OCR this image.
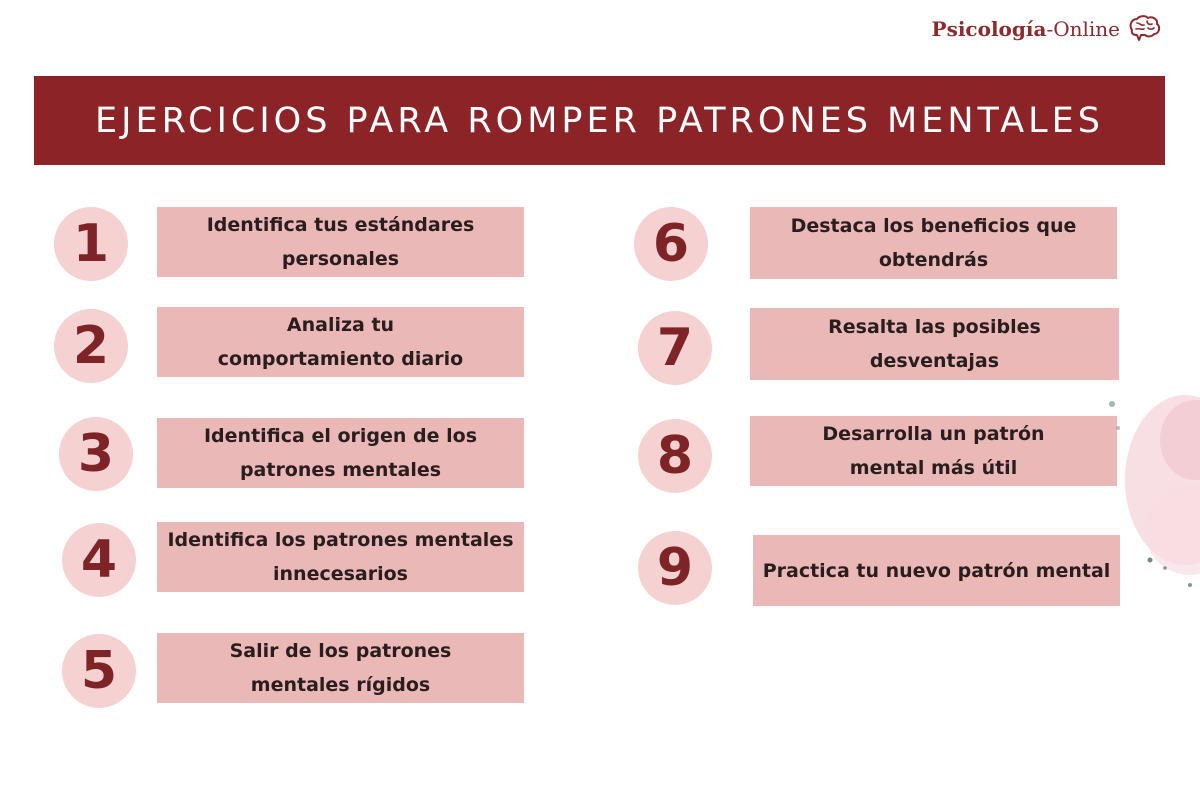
Psicología-Online
EJERCICIOS PARA ROMPER PATRONES MENTALES
1	Identifica tus estándares
personales
2	Analiza tu
comportamiento diario
3	Identifica el origen de los
patrones mentales
4	Identifica los patrones mentales
innecesarios
5	Salir de los patrones
mentales rígidos
6	Destaca los beneficios que
obtendrás
7	Resalta las posibles
desventajas
8	Desarrolla un patrón
mental más útil
9	Practica tu nuevo patrón mental
